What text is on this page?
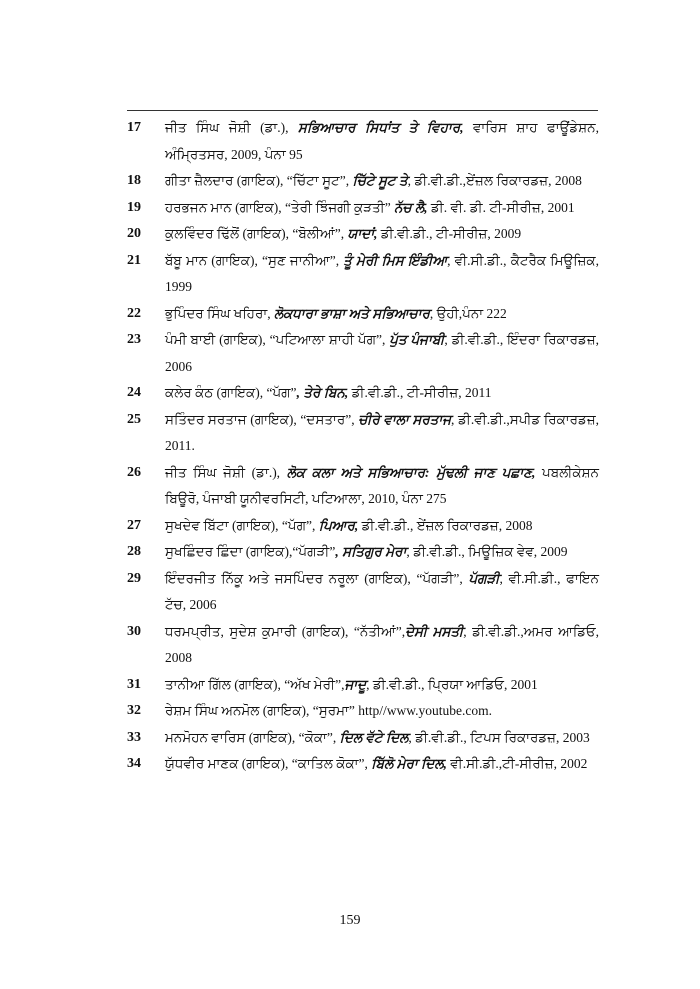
17 ਜੀਤ ਸਿੰਘ ਜੋਸ਼ੀ (ਡਾ.), ਸਭਿਆਚਾਰ ਸਿਧਾਂਤ ਤੇ ਵਿਹਾਰ, ਵਾਰਿਸ ਸ਼ਾਹ ਫਾਊਂਡੇਸ਼ਨ, ਅੰਮ੍ਰਿਤਸਰ, 2009, ਪੰਨਾ 95
18 ਗੀਤਾ ਜ਼ੈਲਦਾਰ (ਗਾਇਕ), “ਚਿੱਟਾ ਸੂਟ”, ਚਿੱਟੇ ਸੂਟ ਤੇ, ਡੀ.ਵੀ.ਡੀ.,ਏਂਜ਼ਲ ਰਿਕਾਰਡਜ਼, 2008
19 ਹਰਭਜਨ ਮਾਨ (ਗਾਇਕ), “ਤੇਰੀ ਝਿੰਜਗੀ ਕੁੜਤੀ” ਨੱਚ ਲੈ, ਡੀ. ਵੀ. ਡੀ. ਟੀ-ਸੀਰੀਜ਼, 2001
20 ਕੁਲਵਿੰਦਰ ਢਿੱਲੋਂ (ਗਾਇਕ), “ਬੋਲੀਆਂ”, ਯਾਦਾਂ, ਡੀ.ਵੀ.ਡੀ., ਟੀ-ਸੀਰੀਜ਼, 2009
21 ਬੱਬੂ ਮਾਨ (ਗਾਇਕ), “ਸੁਣ ਜਾਨੀਆ”, ਤੂੰ ਮੇਰੀ ਮਿਸ ਇੰਡੀਆ, ਵੀ.ਸੀ.ਡੀ., ਕੈਟਰੈਕ ਮਿਊਜ਼ਿਕ, 1999
22 ਭੁਪਿੰਦਰ ਸਿੰਘ ਖਹਿਰਾ, ਲੋਕਧਾਰਾ ਭਾਸ਼ਾ ਅਤੇ ਸਭਿਆਚਾਰ, ਉਹੀ,ਪੰਨਾ 222
23 ਪੰਮੀ ਬਾਈ (ਗਾਇਕ), “ਪਟਿਆਲਾ ਸ਼ਾਹੀ ਪੱਗ”, ਪੁੱਤ ਪੰਜਾਬੀ, ਡੀ.ਵੀ.ਡੀ., ਇੰਦਰਾ ਰਿਕਾਰਡਜ਼, 2006
24 ਕਲੇਰ ਕੰਠ (ਗਾਇਕ), “ਪੱਗ”, ਤੇਰੇ ਬਿਨ, ਡੀ.ਵੀ.ਡੀ., ਟੀ-ਸੀਰੀਜ਼, 2011
25 ਸਤਿੰਦਰ ਸਰਤਾਜ (ਗਾਇਕ), “ਦਸਤਾਰ”, ਚੀਰੇ ਵਾਲਾ ਸਰਤਾਜ, ਡੀ.ਵੀ.ਡੀ.,ਸਪੀਡ ਰਿਕਾਰਡਜ਼, 2011.
26 ਜੀਤ ਸਿੰਘ ਜੋਸ਼ੀ (ਡਾ.), ਲੋਕ ਕਲਾ ਅਤੇ ਸਭਿਆਚਾਰ: ਮੁੱਢਲੀ ਜਾਣ ਪਛਾਣ, ਪਬਲੀਕੇਸ਼ਨ ਬਿਊਰੋ, ਪੰਜਾਬੀ ਯੂਨੀਵਰਸਿਟੀ, ਪਟਿਆਲਾ, 2010, ਪੰਨਾ 275
27 ਸੁਖਦੇਵ ਬਿੱਟਾ (ਗਾਇਕ), “ਪੱਗ”, ਪਿਆਰ, ਡੀ.ਵੀ.ਡੀ., ਏਂਜ਼ਲ ਰਿਕਾਰਡਜ਼, 2008
28 ਸੁਖਛਿੰਦਰ ਛਿੰਦਾ (ਗਾਇਕ),“ਪੱਗੜੀ”, ਸਤਿਗੁਰ ਮੇਰਾ, ਡੀ.ਵੀ.ਡੀ., ਮਿਊਜ਼ਿਕ ਵੇਵ, 2009
29 ਇੰਦਰਜੀਤ ਨਿੱਕੂ ਅਤੇ ਜਸਪਿੰਦਰ ਨਰੂਲਾ (ਗਾਇਕ), “ਪੱਗੜੀ”, ਪੱਗੜੀ, ਵੀ.ਸੀ.ਡੀ., ਫਾਇਨ ਟੱਚ, 2006
30 ਧਰਮਪ੍ਰੀਤ, ਸੁਦੇਸ਼ ਕੁਮਾਰੀ (ਗਾਇਕ), “ਨੱਤੀਆਂ”,ਦੇਸੀ ਮਸਤੀ, ਡੀ.ਵੀ.ਡੀ.,ਅਮਰ ਆਡਿਓ, 2008
31 ਤਾਨੀਆ ਗਿੱਲ (ਗਾਇਕ), “ਅੱਖ ਮੇਰੀ”,ਜਾਦੂ, ਡੀ.ਵੀ.ਡੀ., ਪ੍ਰਿਯਾ ਆਡਿਓ, 2001
32 ਰੇਸ਼ਮ ਸਿੰਘ ਅਨਮੋਲ (ਗਾਇਕ), “ਸੁਰਮਾ” http//www.youtube.com.
33 ਮਨਮੋਹਨ ਵਾਰਿਸ (ਗਾਇਕ), “ਕੋਕਾ”, ਦਿਲ ਵੱਟੇ ਦਿਲ, ਡੀ.ਵੀ.ਡੀ., ਟਿਪਸ ਰਿਕਾਰਡਜ਼, 2003
34 ਯੁੱਧਵੀਰ ਮਾਣਕ (ਗਾਇਕ), “ਕਾਤਿਲ ਕੋਕਾ”, ਬਿੱਲੋ ਮੇਰਾ ਦਿਲ, ਵੀ.ਸੀ.ਡੀ.,ਟੀ-ਸੀਰੀਜ਼, 2002
159
